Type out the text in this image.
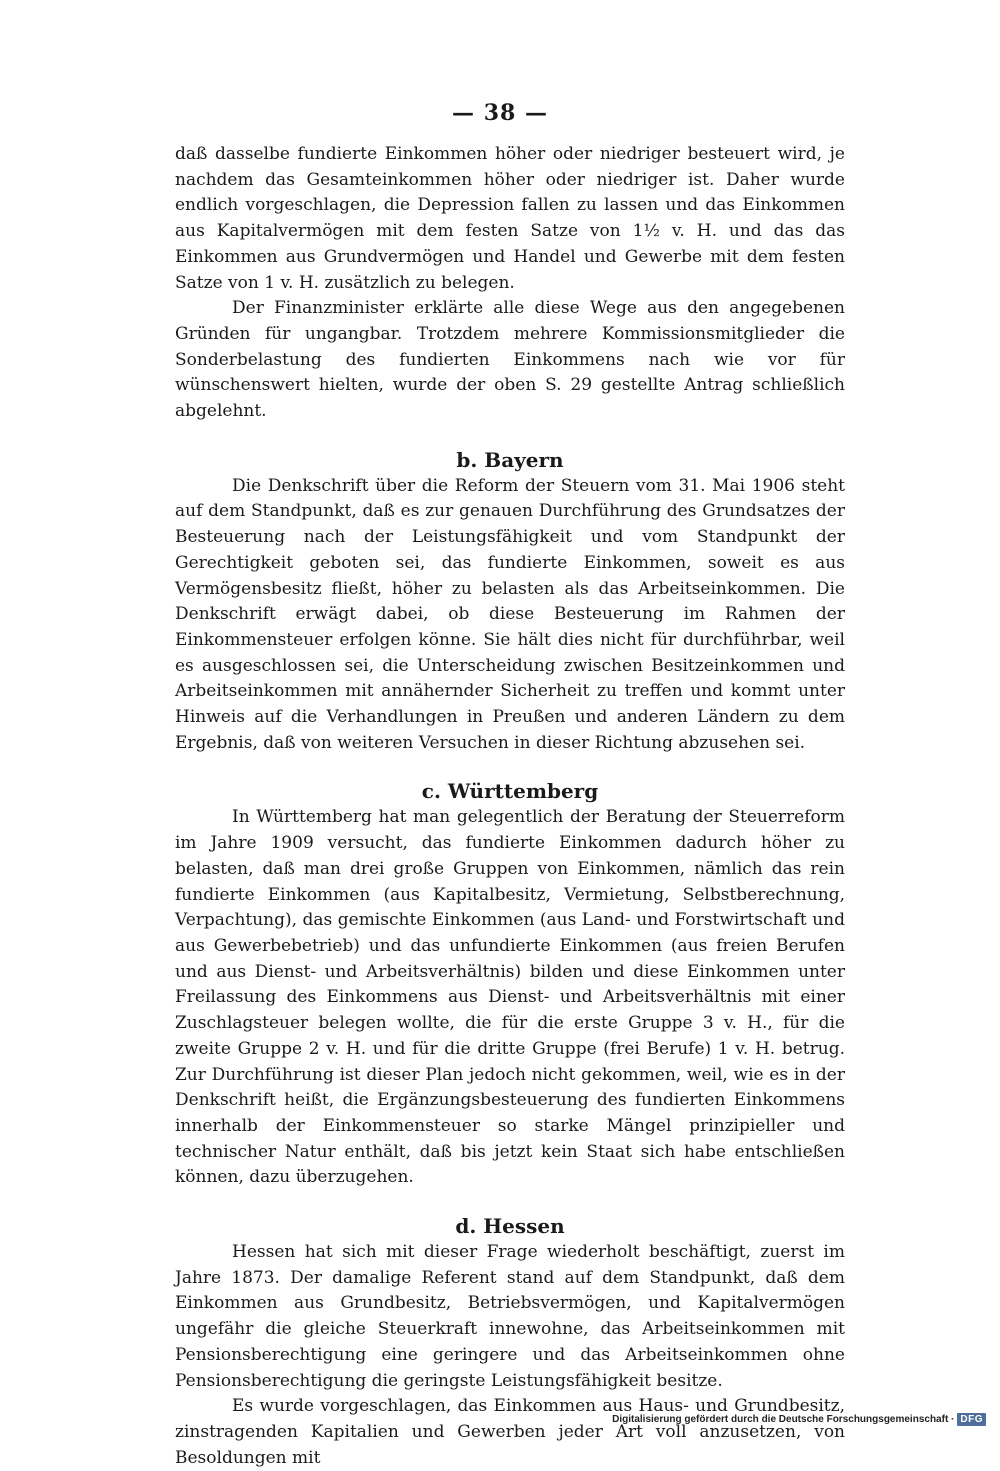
— 38 —

daß dasselbe fundierte Einkommen höher oder niedriger besteuert wird, je nachdem das Gesamteinkommen höher oder niedriger ist. Daher wurde endlich vorgeschlagen, die Depression fallen zu lassen und das Einkommen aus Kapitalvermögen mit dem festen Satze von 1½ v. H. und das das Einkommen aus Grundvermögen und Handel und Gewerbe mit dem festen Satze von 1 v. H. zusätzlich zu belegen.

Der Finanzminister erklärte alle diese Wege aus den angegebenen Gründen für ungangbar. Trotzdem mehrere Kommissionsmitglieder die Sonderbelastung des fundierten Einkommens nach wie vor für wünschenswert hielten, wurde der oben S. 29 gestellte Antrag schließlich abgelehnt.

b. Bayern

Die Denkschrift über die Reform der Steuern vom 31. Mai 1906 steht auf dem Standpunkt, daß es zur genauen Durchführung des Grundsatzes der Besteuerung nach der Leistungsfähigkeit und vom Standpunkt der Gerechtigkeit geboten sei, das fundierte Einkommen, soweit es aus Vermögensbesitz fließt, höher zu belasten als das Arbeitseinkommen. Die Denkschrift erwägt dabei, ob diese Besteuerung im Rahmen der Einkommensteuer erfolgen könne. Sie hält dies nicht für durchführbar, weil es ausgeschlossen sei, die Unterscheidung zwischen Besitzeinkommen und Arbeitseinkommen mit annähernder Sicherheit zu treffen und kommt unter Hinweis auf die Verhandlungen in Preußen und anderen Ländern zu dem Ergebnis, daß von weiteren Versuchen in dieser Richtung abzusehen sei.

c. Württemberg

In Württemberg hat man gelegentlich der Beratung der Steuerreform im Jahre 1909 versucht, das fundierte Einkommen dadurch höher zu belasten, daß man drei große Gruppen von Einkommen, nämlich das rein fundierte Einkommen (aus Kapitalbesitz, Vermietung, Selbstberechnung, Verpachtung), das gemischte Einkommen (aus Land- und Forstwirtschaft und aus Gewerbebetrieb) und das unfundierte Einkommen (aus freien Berufen und aus Dienst- und Arbeitsverhältnis) bilden und diese Einkommen unter Freilassung des Einkommens aus Dienst- und Arbeitsverhältnis mit einer Zuschlagsteuer belegen wollte, die für die erste Gruppe 3 v. H., für die zweite Gruppe 2 v. H. und für die dritte Gruppe (frei Berufe) 1 v. H. betrug. Zur Durchführung ist dieser Plan jedoch nicht gekommen, weil, wie es in der Denkschrift heißt, die Ergänzungsbesteuerung des fundierten Einkommens innerhalb der Einkommensteuer so starke Mängel prinzipieller und technischer Natur enthält, daß bis jetzt kein Staat sich habe entschließen können, dazu überzugehen.

d. Hessen

Hessen hat sich mit dieser Frage wiederholt beschäftigt, zuerst im Jahre 1873. Der damalige Referent stand auf dem Standpunkt, daß dem Einkommen aus Grundbesitz, Betriebsvermögen, und Kapitalvermögen ungefähr die gleiche Steuerkraft innewohne, das Arbeitseinkommen mit Pensionsberechtigung eine geringere und das Arbeitseinkommen ohne Pensionsberechtigung die geringste Leistungsfähigkeit besitze.

Es wurde vorgeschlagen, das Einkommen aus Haus- und Grundbesitz, zinstragenden Kapitalien und Gewerben jeder Art voll anzusetzen, von Besoldungen mit

Digitalisierung gefördert durch die Deutsche Forschungsgemeinschaft · DFG
